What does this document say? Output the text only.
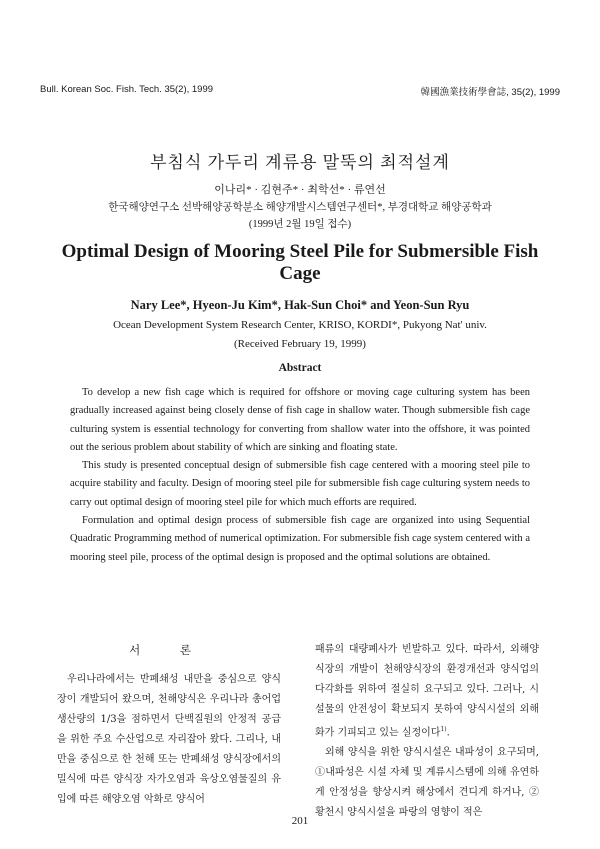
Bull. Korean Soc. Fish. Tech. 35(2), 1999	韓國漁業技術學會誌, 35(2), 1999
부침식 가두리 계류용 말뚝의 최적설계
이나리* · 김현주* · 최학선* · 류연선
한국해양연구소 선박해양공학분소 해양개발시스템연구센터*, 부경대학교 해양공학과
(1999년 2월 19일 접수)
Optimal Design of Mooring Steel Pile for Submersible Fish Cage
Nary Lee*, Hyeon-Ju Kim*, Hak-Sun Choi* and Yeon-Sun Ryu
Ocean Development System Research Center, KRISO, KORDI*, Pukyong Nat' univ.
(Received February 19, 1999)
Abstract

To develop a new fish cage which is required for offshore or moving cage culturing system has been gradually increased against being closely dense of fish cage in shallow water. Though submersible fish cage culturing system is essential technology for converting from shallow water into the offshore, it was pointed out the serious problem about stability of which are sinking and floating state.

This study is presented conceptual design of submersible fish cage centered with a mooring steel pile to acquire stability and faculty. Design of mooring steel pile for submersible fish cage culturing system needs to carry out optimal design of mooring steel pile for which much efforts are required.

Formulation and optimal design process of submersible fish cage are organized into using Sequential Quadratic Programming method of numerical optimization. For submersible fish cage system centered with a mooring steel pile, process of the optimal design is proposed and the optimal solutions are obtained.

서 론

우리나라에서는 반폐쇄성 내만을 중심으로 양식장이 개발되어 왔으며, 천해양식은 우리나라 총어업 생산량의 1/3을 점하면서 단백질원의 안정적 공급을 위한 주요 수산업으로 자리잡아 왔다. 그리나, 내만을 중심으로 한 천해 또는 반폐쇄성 양식장에서의 밀식에 따른 양식장 자가오염과 육상오염물질의 유입에 따른 해양오염 악화로 양식어

패류의 대량폐사가 빈발하고 있다. 따라서, 외해양식장의 개발이 천해양식장의 환경개선과 양식업의 다각화를 위하여 절실히 요구되고 있다. 그러나, 시설물의 안전성이 확보되지 못하여 양식시설의 외해화가 기피되고 있는 실정이다$^{1)}$.

외해 양식을 위한 양식시설은 내파성이 요구되며, ①내파성은 시설 자체 및 계류시스템에 의해 유연하게 안정성을 향상시켜 해상에서 견디게 하거나, ②황천시 양식시설을 파랑의 영향이 적은

201
